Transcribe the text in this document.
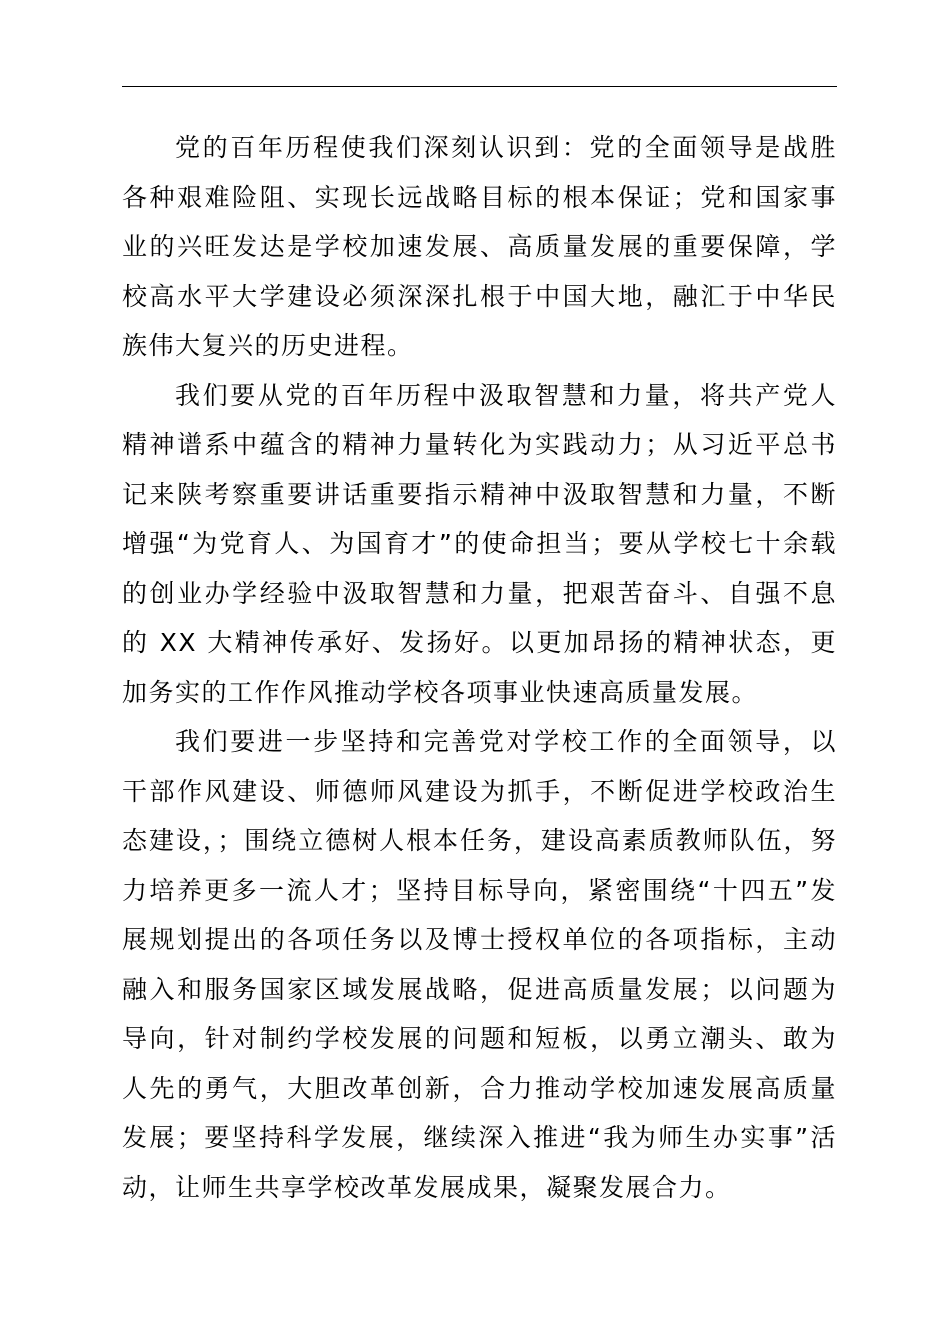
党的百年历程使我们深刻认识到：党的全面领导是战胜各种艰难险阻、实现长远战略目标的根本保证；党和国家事业的兴旺发达是学校加速发展、高质量发展的重要保障，学校高水平大学建设必须深深扎根于中国大地，融汇于中华民族伟大复兴的历史进程。

我们要从党的百年历程中汲取智慧和力量，将共产党人精神谱系中蕴含的精神力量转化为实践动力；从习近平总书记来陕考察重要讲话重要指示精神中汲取智慧和力量，不断增强“为党育人、为国育才”的使命担当；要从学校七十余载的创业办学经验中汲取智慧和力量，把艰苦奋斗、自强不息的 XX 大精神传承好、发扬好。以更加昂扬的精神状态，更加务实的工作作风推动学校各项事业快速高质量发展。

我们要进一步坚持和完善党对学校工作的全面领导，以干部作风建设、师德师风建设为抓手，不断促进学校政治生态建设，；围绕立德树人根本任务，建设高素质教师队伍，努力培养更多一流人才；坚持目标导向，紧密围绕“十四五”发展规划提出的各项任务以及博士授权单位的各项指标，主动融入和服务国家区域发展战略，促进高质量发展；以问题为导向，针对制约学校发展的问题和短板，以勇立潮头、敢为人先的勇气，大胆改革创新，合力推动学校加速发展高质量发展；要坚持科学发展，继续深入推进“我为师生办实事”活动，让师生共享学校改革发展成果，凝聚发展合力。
